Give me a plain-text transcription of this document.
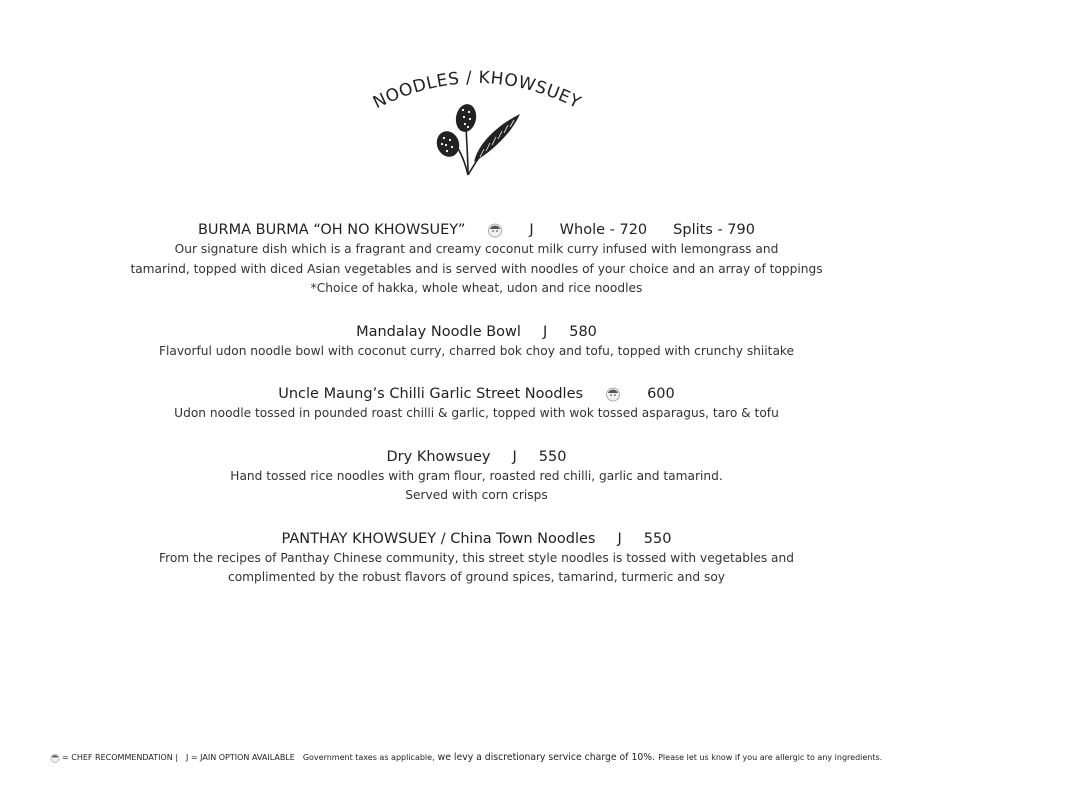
NOODLES / KHOWSUEY
BURMA BURMA “OH NO KHOWSUEY”	J Whole - 720 Splits - 790
Our signature dish which is a fragrant and creamy coconut milk curry infused with lemongrass and
tamarind, topped with diced Asian vegetables and is served with noodles of your choice and an array of toppings
*Choice of hakka, whole wheat, udon and rice noodles
Mandalay Noodle Bowl J 580
Flavorful udon noodle bowl with coconut curry, charred bok choy and tofu, topped with crunchy shiitake
Uncle Maung’s Chilli Garlic Street Noodles	600
Udon noodle tossed in pounded roast chilli & garlic, topped with wok tossed asparagus, taro & tofu
Dry Khowsuey J 550
Hand tossed rice noodles with gram flour, roasted red chilli, garlic and tamarind.
Served with corn crisps
PANTHAY KHOWSUEY / China Town Noodles J 550
From the recipes of Panthay Chinese community, this street style noodles is tossed with vegetables and
complimented by the robust flavors of ground spices, tamarind, turmeric and soy
= CHEF RECOMMENDATION | J = JAIN OPTION AVAILABLE Government taxes as applicable, we levy a discretionary service charge of 10%. Please let us know if you are allergic to any ingredients.
